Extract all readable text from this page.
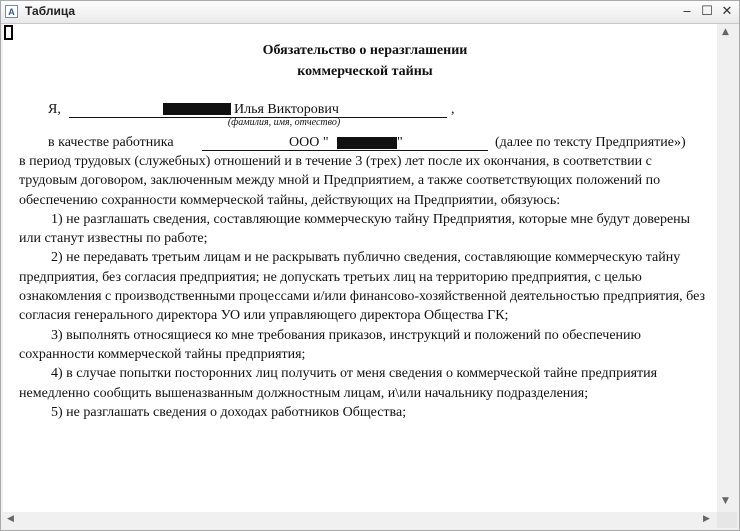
A Таблица	‒ ☐ ✕
Обязательство о неразглашении
коммерческой тайны
Я,	Илья Викторович	,
(фамилия, имя, отчество)
в качестве работника	ООО "	"	(далее по тексту Предприятие»)

в период трудовых (служебных) отношений и в течение 3 (трех) лет после их окончания, в соответствии с трудовым договором, заключенным между мной и Предприятием, а также соответствующих положений по обеспечению сохранности коммерческой тайны, действующих на Предприятии, обязуюсь:

1) не разглашать сведения, составляющие коммерческую тайну Предприятия, которые мне будут доверены или станут известны по работе;

2) не передавать третьим лицам и не раскрывать публично сведения, составляющие коммерческую тайну предприятия, без согласия предприятия; не допускать третьих лиц на территорию предприятия, с целью ознакомления с производственными процессами и/или финансово-хозяйственной деятельностью предприятия, без согласия генерального директора УО или управляющего директора Общества ГК;

3) выполнять относящиеся ко мне требования приказов, инструкций и положений по обеспечению сохранности коммерческой тайны предприятия;

4) в случае попытки посторонних лиц получить от меня сведения о коммерческой тайне предприятия немедленно сообщить вышеназванным должностным лицам, и\или начальнику подразделения;

5) не разглашать сведения о доходах работников Общества;

▲
▼
◀	▶
